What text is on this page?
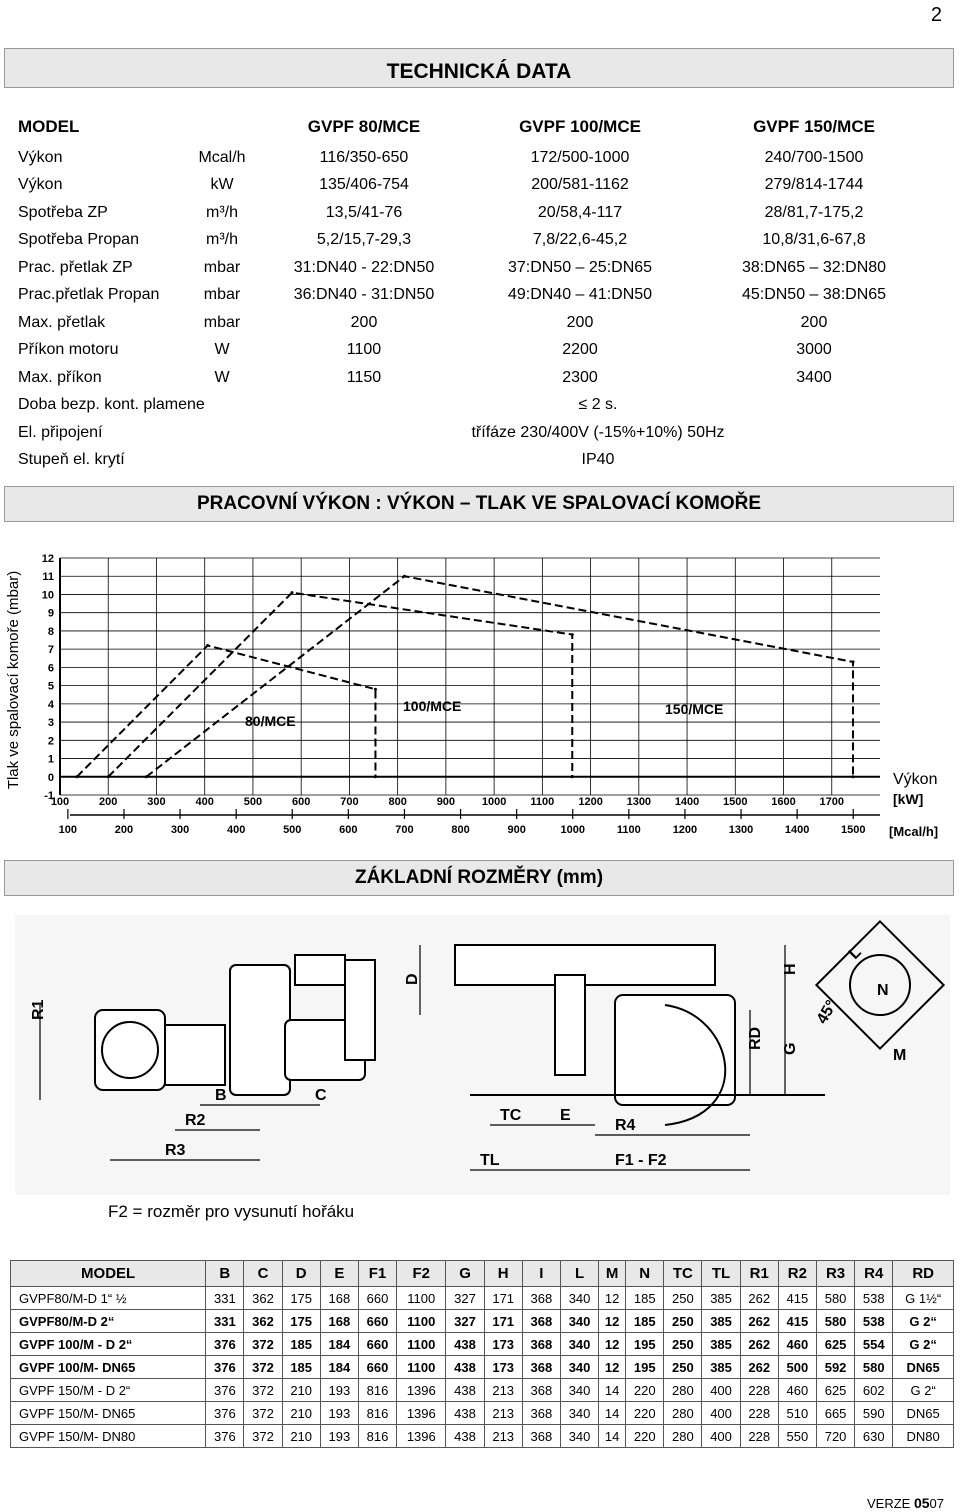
2
TECHNICKÁ DATA
MODEL		GVPF 80/MCE	GVPF 100/MCE	GVPF 150/MCE
Výkon	Mcal/h	116/350-650	172/500-1000	240/700-1500
Výkon	kW	135/406-754	200/581-1162	279/814-1744
Spotřeba ZP	m³/h	13,5/41-76	20/58,4-117	28/81,7-175,2
Spotřeba Propan	m³/h	5,2/15,7-29,3	7,8/22,6-45,2	10,8/31,6-67,8
Prac. přetlak ZP	mbar	31:DN40 - 22:DN50	37:DN50 – 25:DN65	38:DN65 – 32:DN80
Prac.přetlak Propan	mbar	36:DN40 - 31:DN50	49:DN40 – 41:DN50	45:DN50 – 38:DN65
Max. přetlak	mbar	200	200	200
Příkon motoru	W	1100	2200	3000
Max. příkon	W	1150	2300	3400
Doba bezp. kont. plamene		≤ 2 s.		
El. připojení		třífáze 230/400V (-15%+10%) 50Hz		
Stupeň el. krytí		IP40		
PRACOVNÍ VÝKON : VÝKON – TLAK VE SPALOVACÍ KOMOŘE
-1
0
1
2
3
4
5
6
7
8
9
10
11
12
100	200	300	400	500	600	700	800	900 1000 1100 1200 1300 1400 1500 1600 1700
100	200	300	400	500	600	700	800	900	1000	1100	1200	1300	1400	1500
80/MCE
100/MCE	150/MCE
Tlak ve spalovací komoře (mbar)	Výkon
[kW]
[Mcal/h]
ZÁKLADNÍ ROZMĚRY (mm)
R1
B	C
R2
R3
D
TC E
TL
R4
F1 - F2
RD G
H
L
N
45°
M
F2 = rozměr pro vysunutí hořáku
MODEL	B	C	D	E	F1	F2	G	H	I	L	M	N	TC	TL	R1	R2	R3	R4	RD
GVPF80/M-D 1“ ½	331	362	175	168	660	1100	327	171	368	340	12	185	250	385	262	415	580	538	G 1½“
GVPF80/M-D 2“	331	362	175	168	660	1100	327	171	368	340	12	185	250	385	262	415	580	538	G 2“
GVPF 100/M - D 2“	376	372	185	184	660	1100	438	173	368	340	12	195	250	385	262	460	625	554	G 2“
GVPF 100/M- DN65	376	372	185	184	660	1100	438	173	368	340	12	195	250	385	262	500	592	580	DN65
GVPF 150/M - D 2“	376	372	210	193	816	1396	438	213	368	340	14	220	280	400	228	460	625	602	G 2“
GVPF 150/M- DN65	376	372	210	193	816	1396	438	213	368	340	14	220	280	400	228	510	665	590	DN65
GVPF 150/M- DN80	376	372	210	193	816	1396	438	213	368	340	14	220	280	400	228	550	720	630	DN80
VERZE 0507
